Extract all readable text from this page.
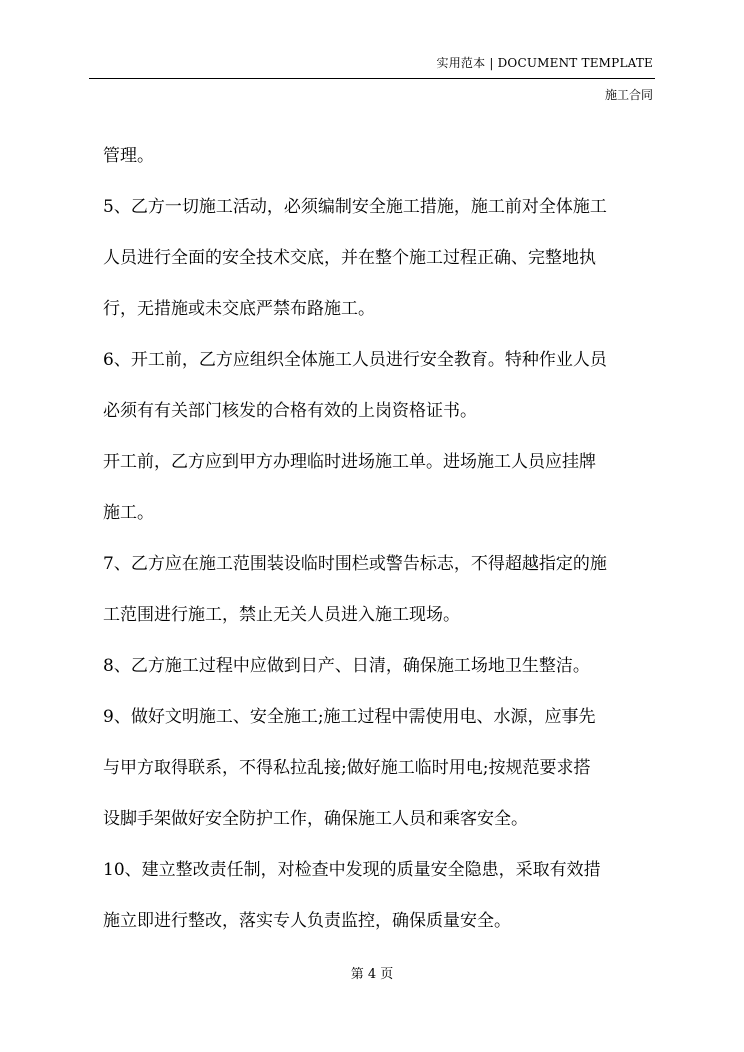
实用范本 | DOCUMENT TEMPLATE
施工合同
管理。
5、乙方一切施工活动，必须编制安全施工措施，施工前对全体施工
人员进行全面的安全技术交底，并在整个施工过程正确、完整地执
行，无措施或未交底严禁布路施工。
6、开工前，乙方应组织全体施工人员进行安全教育。特种作业人员
必须有有关部门核发的合格有效的上岗资格证书。
开工前，乙方应到甲方办理临时进场施工单。进场施工人员应挂牌
施工。
7、乙方应在施工范围装设临时围栏或警告标志，不得超越指定的施
工范围进行施工，禁止无关人员进入施工现场。
8、乙方施工过程中应做到日产、日清，确保施工场地卫生整洁。
9、做好文明施工、安全施工;施工过程中需使用电、水源，应事先
与甲方取得联系，不得私拉乱接;做好施工临时用电;按规范要求搭
设脚手架做好安全防护工作，确保施工人员和乘客安全。
10、建立整改责任制，对检查中发现的质量安全隐患，采取有效措
施立即进行整改，落实专人负责监控，确保质量安全。
第 4 页
